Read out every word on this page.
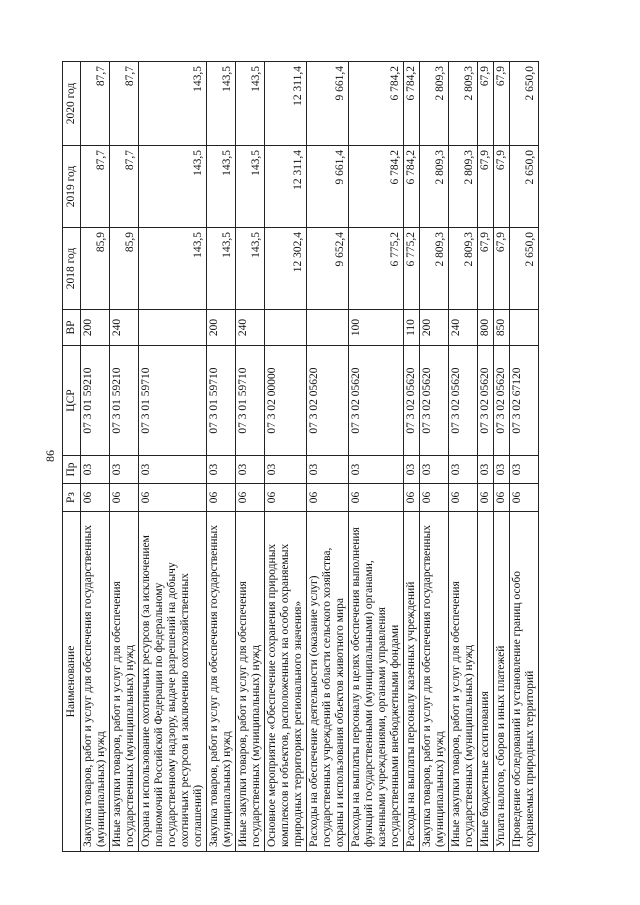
86
Наименование	Рз	Пр	ЦСР	ВР	2018 год	2019 год	2020 год
Закупка товаров, работ и услуг для обеспечения государственных (муниципальных) нужд	06	03	07 3 01 59210	200	85,9	87,7	87,7
Иные закупки товаров, работ и услуг для обеспечения государственных (муниципальных) нужд	06	03	07 3 01 59210	240	85,9	87,7	87,7
Охрана и использование охотничьих ресурсов (за исключением полномочий Российской Федерации по федеральному государственному надзору, выдаче разрешений на добычу охотничьих ресурсов и заключению охотхозяйственных соглашений)	06	03	07 3 01 59710		143,5	143,5	143,5
Закупка товаров, работ и услуг для обеспечения государственных (муниципальных) нужд	06	03	07 3 01 59710	200	143,5	143,5	143,5
Иные закупки товаров, работ и услуг для обеспечения государственных (муниципальных) нужд	06	03	07 3 01 59710	240	143,5	143,5	143,5
Основное мероприятие «Обеспечение сохранения природных комплексов и объектов, расположенных на особо охраняемых природных территориях регионального значения»	06	03	07 3 02 00000		12 302,4	12 311,4	12 311,4
Расходы на обеспечение деятельности (оказание услуг) государственных учреждений в области сельского хозяйства, охраны и использования объектов животного мира	06	03	07 3 02 05620		9 652,4	9 661,4	9 661,4
Расходы на выплаты персоналу в целях обеспечения выполнения функций государственными (муниципальными) органами, казенными учреждениями, органами управления государственными внебюджетными фондами	06	03	07 3 02 05620	100	6 775,2	6 784,2	6 784,2
Расходы на выплаты персоналу казенных учреждений	06	03	07 3 02 05620	110	6 775,2	6 784,2	6 784,2
Закупка товаров, работ и услуг для обеспечения государственных (муниципальных) нужд	06	03	07 3 02 05620	200	2 809,3	2 809,3	2 809,3
Иные закупки товаров, работ и услуг для обеспечения государственных (муниципальных) нужд	06	03	07 3 02 05620	240	2 809,3	2 809,3	2 809,3
Иные бюджетные ассигнования	06	03	07 3 02 05620	800	67,9	67,9	67,9
Уплата налогов, сборов и иных платежей	06	03	07 3 02 05620	850	67,9	67,9	67,9
Проведение обследований и установление границ особо охраняемых природных территорий	06	03	07 3 02 67120		2 650,0	2 650,0	2 650,0
